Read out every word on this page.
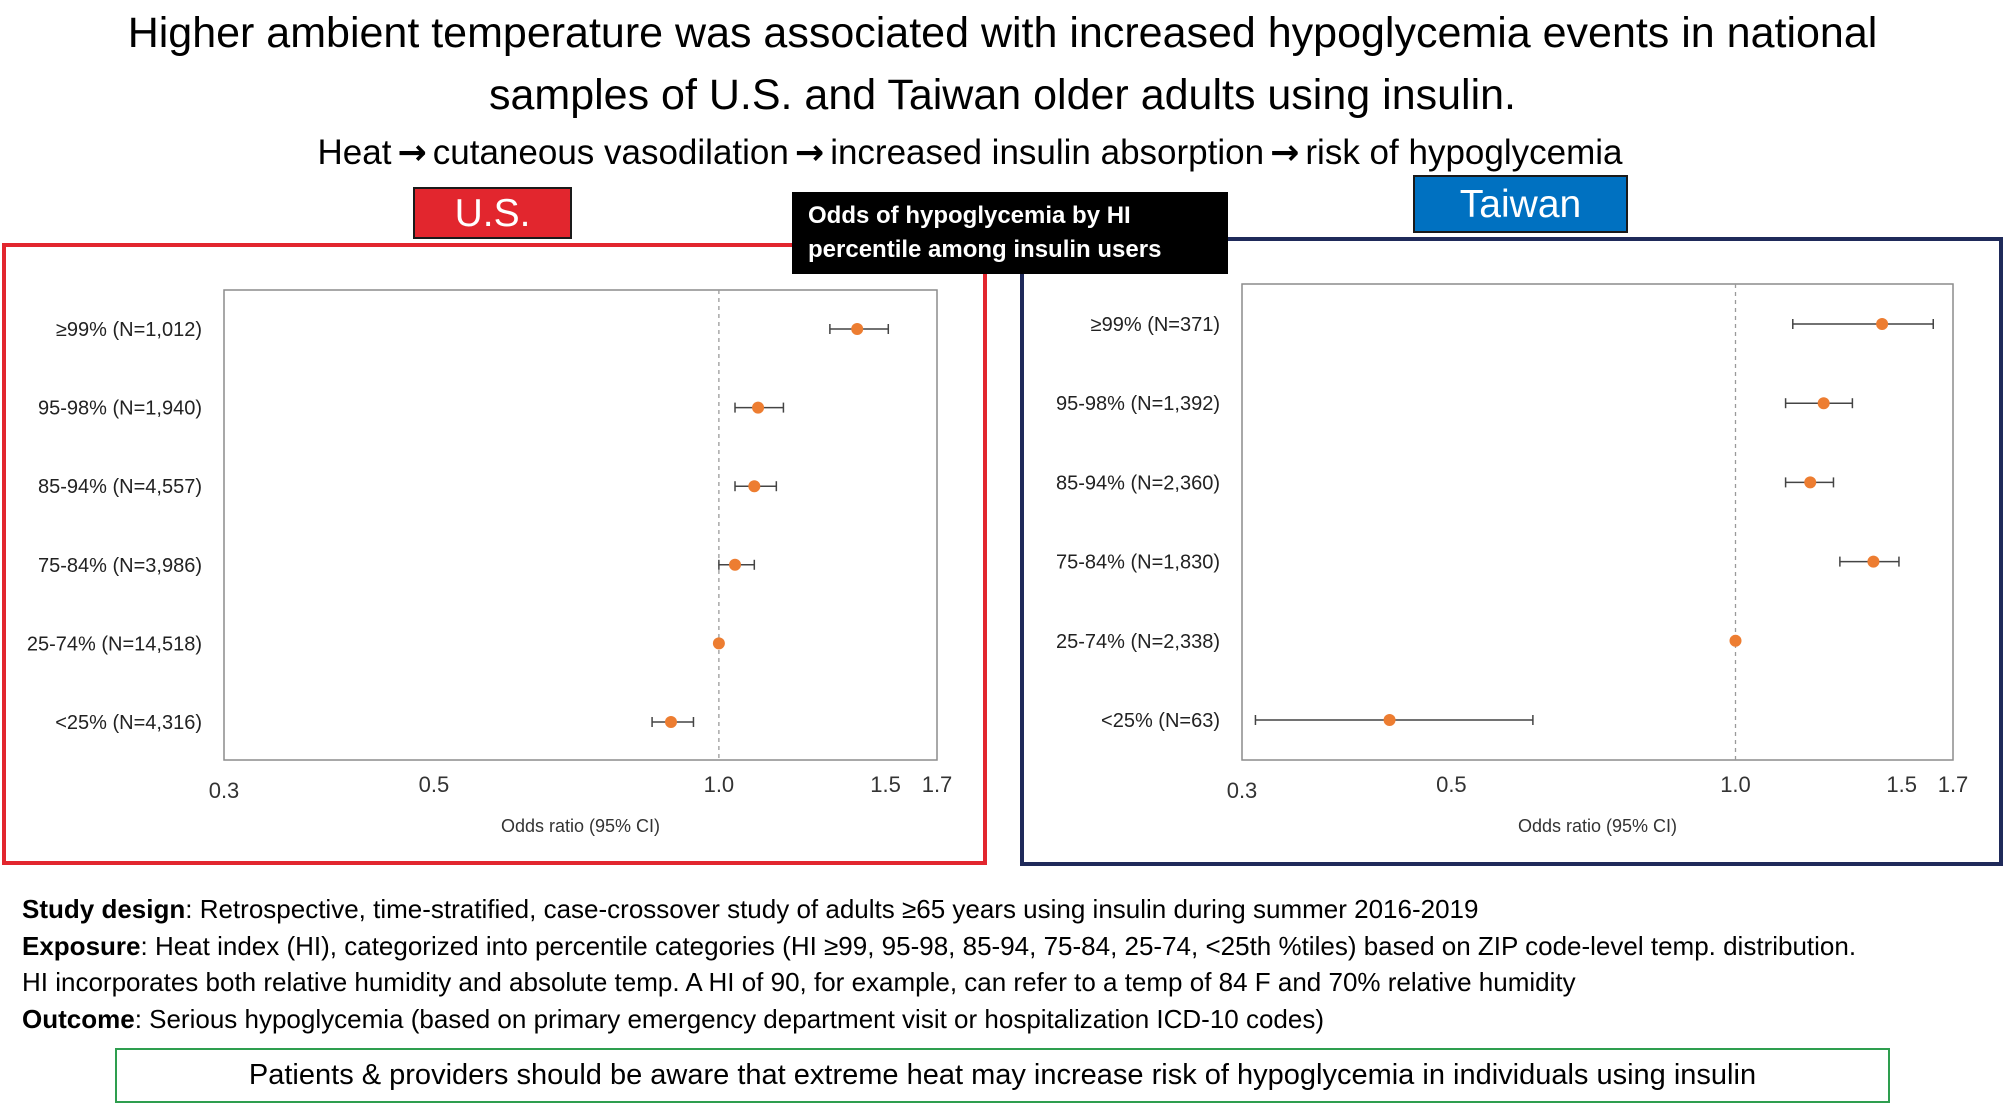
Higher ambient temperature was associated with increased hypoglycemia events in national samples of U.S. and Taiwan older adults using insulin.
Heat → cutaneous vasodilation → increased insulin absorption → risk of hypoglycemia
U.S.	Taiwan
0.3	0.5	1.0	1.5 1.7
Odds ratio (95% CI)
≥99% (N=1,012)
95-98% (N=1,940)
85-94% (N=4,557)
75-84% (N=3,986)
25-74% (N=14,518)
<25% (N=4,316)
0.3	0.5	1.0	1.5 1.7
Odds ratio (95% CI)
≥99% (N=371)
95-98% (N=1,392)
85-94% (N=2,360)
75-84% (N=1,830)
25-74% (N=2,338)
<25% (N=63)
Odds of hypoglycemia by HI percentile among insulin users
Study design: Retrospective, time-stratified, case-crossover study of adults ≥65 years using insulin during summer 2016-2019
Exposure: Heat index (HI), categorized into percentile categories (HI ≥99, 95-98, 85-94, 75-84, 25-74, <25th %tiles) based on ZIP code-level temp. distribution.
HI incorporates both relative humidity and absolute temp. A HI of 90, for example, can refer to a temp of 84 F and 70% relative humidity
Outcome: Serious hypoglycemia (based on primary emergency department visit or hospitalization ICD-10 codes)
Patients & providers should be aware that extreme heat may increase risk of hypoglycemia in individuals using insulin
